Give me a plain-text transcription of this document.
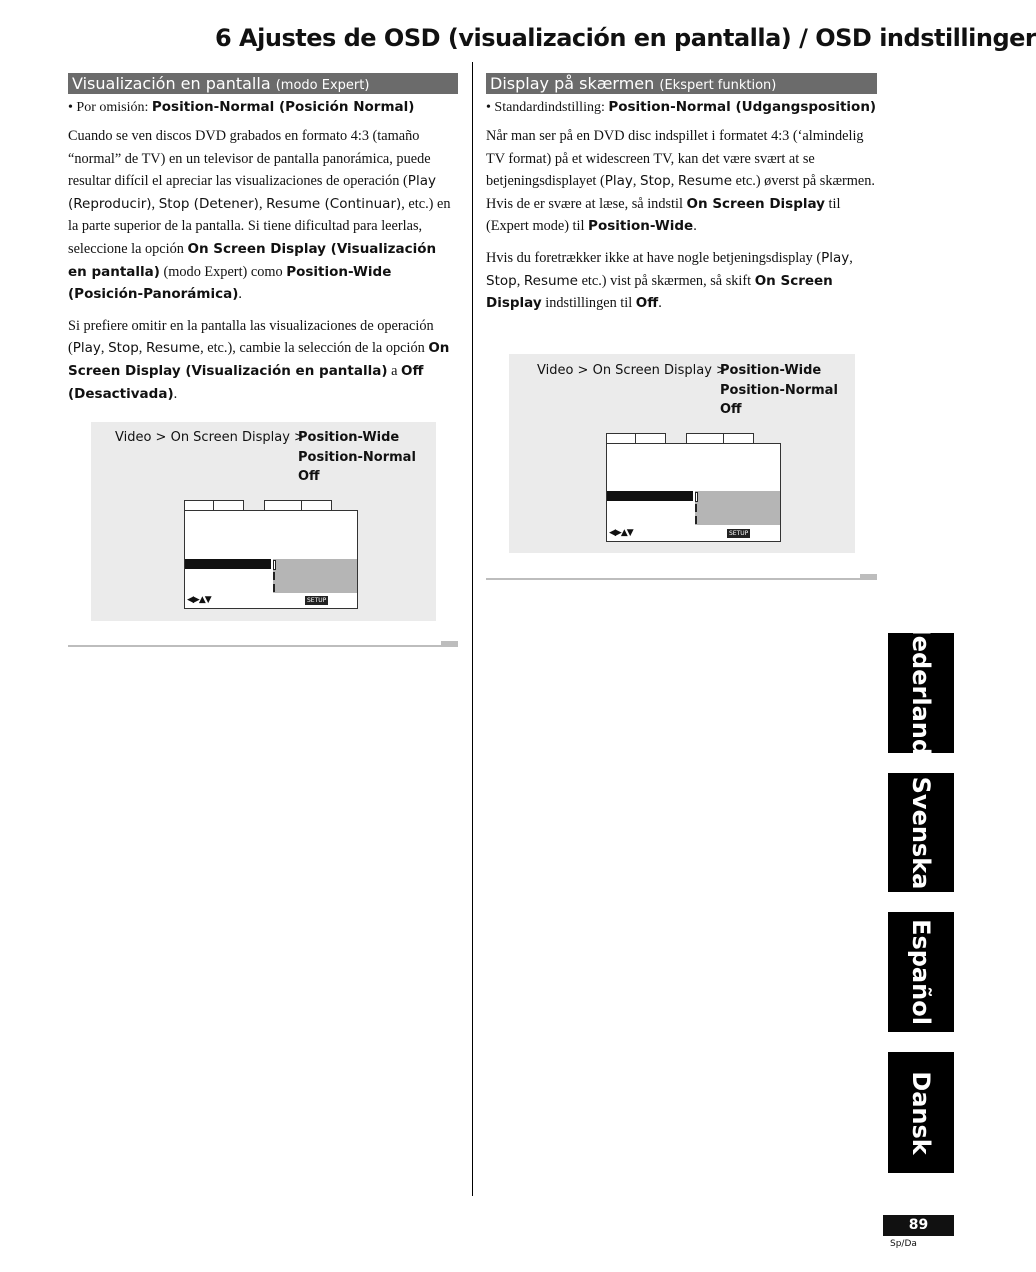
6 Ajustes de OSD (visualización en pantalla) / OSD indstillinger
Visualización en pantalla (modo Expert)
• Por omisión: Position-Normal (Posición Normal)

Cuando se ven discos DVD grabados en formato 4:3 (tamaño “normal” de TV) en un televisor de pantalla panorámica, puede resultar difícil el apreciar las visualizaciones de operación (Play (Reproducir), Stop (Detener), Resume (Continuar), etc.) en la parte superior de la pantalla. Si tiene dificultad para leerlas, seleccione la opción On Screen Display (Visualización en pantalla) (modo Expert) como Position-Wide (Posición-Panorámica).

Si prefiere omitir en la pantalla las visualizaciones de operación (Play, Stop, Resume, etc.), cambie la selección de la opción On Screen Display (Visualización en pantalla) a Off (Desactivada).

Video > On Screen Display >
Position-Wide
Position-Normal
Off
◀▶▲▼	SETUP
Display på skærmen (Ekspert funktion)
• Standardindstilling: Position-Normal (Udgangsposition)

Når man ser på en DVD disc indspillet i formatet 4:3 (‘almindelig TV format) på et widescreen TV, kan det være svært at se betjeningsdisplayet (Play, Stop, Resume etc.) øverst på skærmen. Hvis de er svære at læse, så indstil On Screen Display til (Expert mode) til Position-Wide.

Hvis du foretrækker ikke at have nogle betjeningsdisplay (Play, Stop, Resume etc.) vist på skærmen, så skift On Screen Display indstillingen til Off.

Video > On Screen Display >
Position-Wide
Position-Normal
Off
◀▶▲▼	SETUP
Nederlands
Svenska
Español
Dansk
89
Sp/Da
